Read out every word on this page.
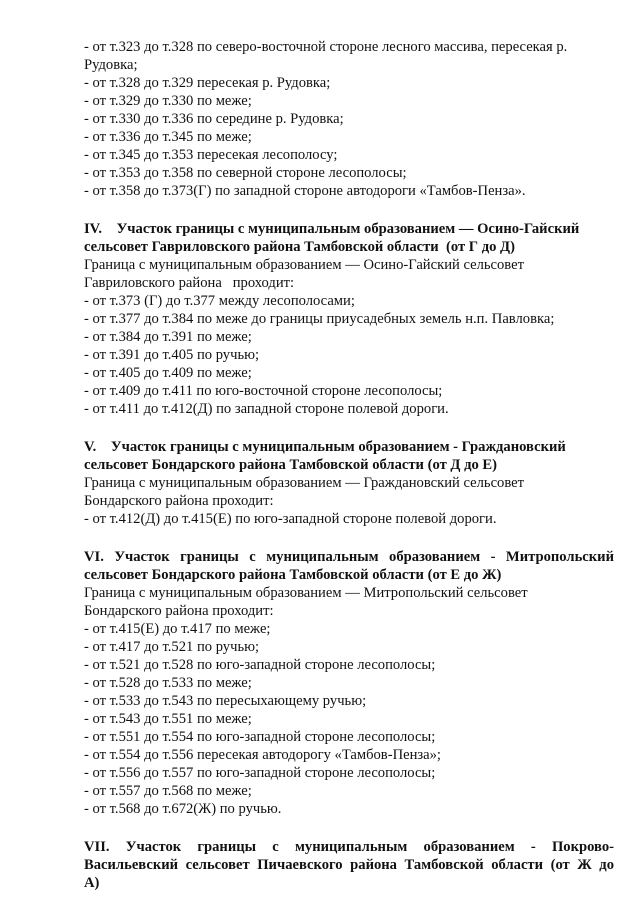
- от т.323 до т.328 по северо-восточной стороне лесного массива, пересекая р.

Рудовка;

- от т.328 до т.329 пересекая р. Рудовка;

- от т.329 до т.330 по меже;

- от т.330 до т.336 по середине р. Рудовка;

- от т.336 до т.345 по меже;

- от т.345 до т.353 пересекая лесополосу;

- от т.353 до т.358 по северной стороне лесополосы;

- от т.358 до т.373(Г) по западной стороне автодороги «Тамбов-Пенза».

IV.    Участок границы с муниципальным образованием — Осино-Гайский

сельсовет Гавриловского района Тамбовской области  (от Г до Д)

Граница с муниципальным образованием — Осино-Гайский сельсовет

Гавриловского района   проходит:

- от т.373 (Г) до т.377 между лесополосами;

- от т.377 до т.384 по меже до границы приусадебных земель н.п. Павловка;

- от т.384 до т.391 по меже;

- от т.391 до т.405 по ручью;

- от т.405 до т.409 по меже;

- от т.409 до т.411 по юго-восточной стороне лесополосы;

- от т.411 до т.412(Д) по западной стороне полевой дороги.

V.    Участок границы с муниципальным образованием - Граждановский

сельсовет Бондарского района Тамбовской области (от Д до Е)

Граница с муниципальным образованием — Граждановский сельсовет

Бондарского района проходит:

- от т.412(Д) до т.415(Е) по юго-западной стороне полевой дороги.

VI. Участок границы с муниципальным образованием - Митропольский

сельсовет Бондарского района Тамбовской области (от Е до Ж)

Граница с муниципальным образованием — Митропольский сельсовет

Бондарского района проходит:

- от т.415(Е) до т.417 по меже;

- от т.417 до т.521 по ручью;

- от т.521 до т.528 по юго-западной стороне лесополосы;

- от т.528 до т.533 по меже;

- от т.533 до т.543 по пересыхающему ручью;

- от т.543 до т.551 по меже;

- от т.551 до т.554 по юго-западной стороне лесополосы;

- от т.554 до т.556 пересекая автодорогу «Тамбов-Пенза»;

- от т.556 до т.557 по юго-западной стороне лесополосы;

- от т.557 до т.568 по меже;

- от т.568 до т.672(Ж) по ручью.

VII. Участок границы с муниципальным образованием - Покрово-

Васильевский сельсовет Пичаевского района Тамбовской области (от Ж до

А)
